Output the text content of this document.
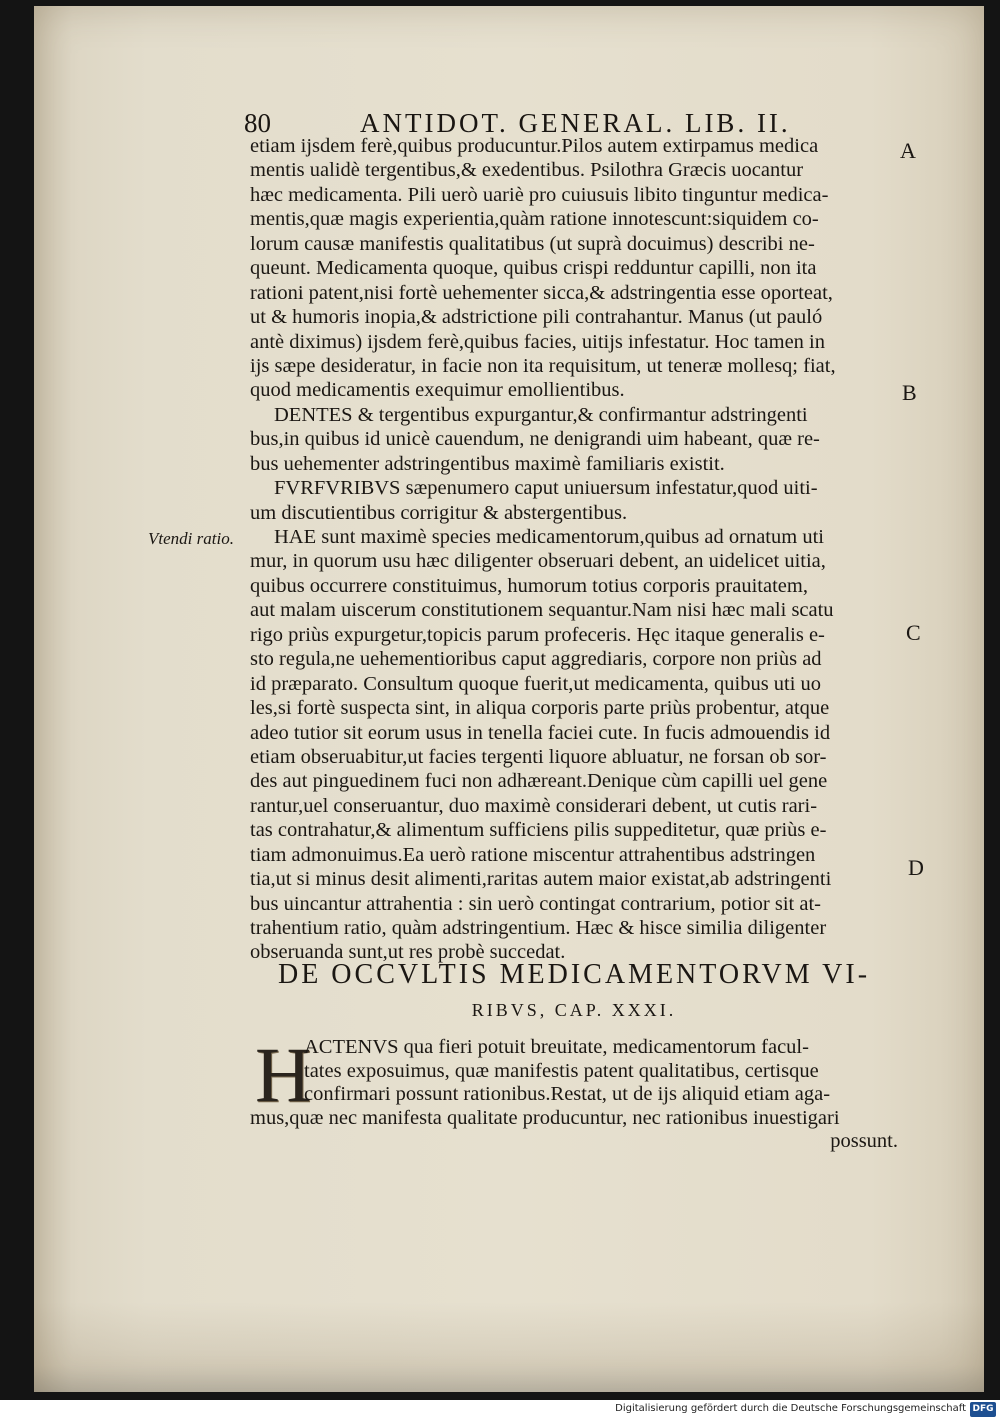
80	ANTIDOT. GENERAL. LIB. II.
etiam ijsdem ferè,quibus producuntur.Pilos autem extirpamus medica
mentis ualidè tergentibus,& exedentibus. Psilothra Græcis uocantur
hæc medicamenta. Pili uerò uariè pro cuiusuis libito tinguntur medica-
mentis,quæ magis experientia,quàm ratione innotescunt:siquidem co-
lorum causæ manifestis qualitatibus (ut suprà docuimus) describi ne-
queunt. Medicamenta quoque, quibus crispi redduntur capilli, non ita
rationi patent,nisi fortè uehementer sicca,& adstringentia esse oporteat,
ut & humoris inopia,& adstrictione pili contrahantur. Manus (ut pauló
antè diximus) ijsdem ferè,quibus facies, uitijs infestatur. Hoc tamen in
ijs sæpe desideratur, in facie non ita requisitum, ut teneræ mollesq; fiat,
quod medicamentis exequimur emollientibus.
DENTES & tergentibus expurgantur,& confirmantur adstringenti
bus,in quibus id unicè cauendum, ne denigrandi uim habeant, quæ re-
bus uehementer adstringentibus maximè familiaris existit.
FVRFVRIBVS sæpenumero caput uniuersum infestatur,quod uiti-
um discutientibus corrigitur & abstergentibus.
HAE sunt maximè species medicamentorum,quibus ad ornatum uti
mur, in quorum usu hæc diligenter obseruari debent, an uidelicet uitia,
quibus occurrere constituimus, humorum totius corporis prauitatem,
aut malam uiscerum constitutionem sequantur.Nam nisi hæc mali scatu
rigo priùs expurgetur,topicis parum profeceris. Hęc itaque generalis e-
sto regula,ne uehementioribus caput aggrediaris, corpore non priùs ad
id præparato. Consultum quoque fuerit,ut medicamenta, quibus uti uo
les,si fortè suspecta sint, in aliqua corporis parte priùs probentur, atque
adeo tutior sit eorum usus in tenella faciei cute. In fucis admouendis id
etiam obseruabitur,ut facies tergenti liquore abluatur, ne forsan ob sor-
des aut pinguedinem fuci non adhæreant.Denique cùm capilli uel gene
rantur,uel conseruantur, duo maximè considerari debent, ut cutis rari-
tas contrahatur,& alimentum sufficiens pilis suppeditetur, quæ priùs e-
tiam admonuimus.Ea uerò ratione miscentur attrahentibus adstringen
tia,ut si minus desit alimenti,raritas autem maior existat,ab adstringenti
bus uincantur attrahentia : sin uerò contingat contrarium, potior sit at-
trahentium ratio, quàm adstringentium. Hæc & hisce similia diligenter
obseruanda sunt,ut res probè succedat.
Vtendi ratio.
A
B
C
D
DE OCCVLTIS MEDICAMENTORVM VI-
RIBVS, CAP. XXXI.
H
ACTENVS qua fieri potuit breuitate, medicamentorum facul-
tates exposuimus, quæ manifestis patent qualitatibus, certisque
confirmari possunt rationibus.Restat, ut de ijs aliquid etiam aga-
mus,quæ nec manifesta qualitate producuntur, nec rationibus inuestigari
possunt.
Digitalisierung gefördert durch die Deutsche Forschungsgemeinschaft DFG
